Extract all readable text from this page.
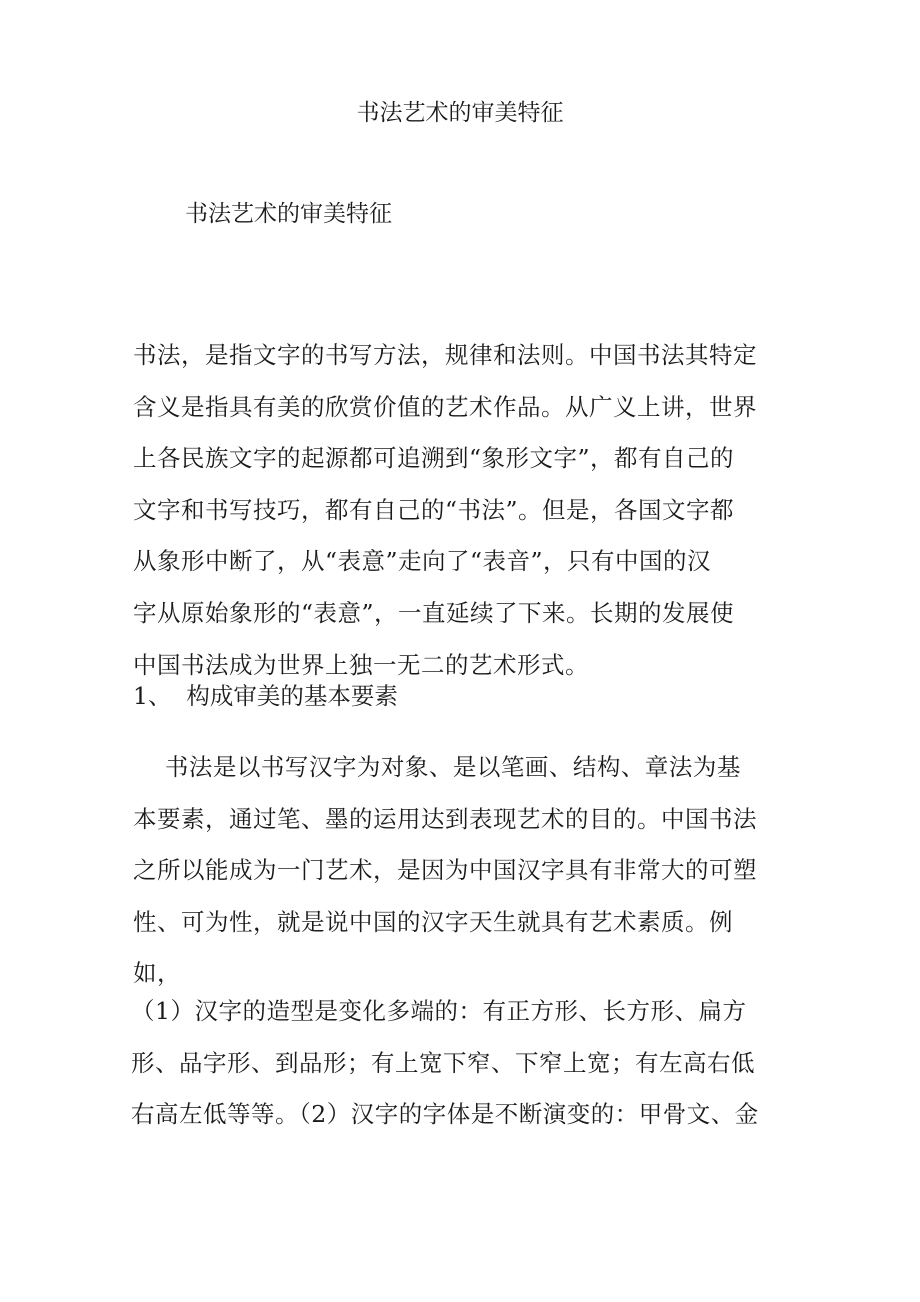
书法艺术的审美特征

书法艺术的审美特征

书法，是指文字的书写方法，规律和法则。中国书法其特定
含义是指具有美的欣赏价值的艺术作品。从广义上讲，世界
上各民族文字的起源都可追溯到“象形文字”，都有自己的
文字和书写技巧，都有自己的“书法”。但是，各国文字都
从象形中断了，从“表意”走向了“表音”，只有中国的汉
字从原始象形的“表意”，一直延续了下来。长期的发展使
中国书法成为世界上独一无二的艺术形式。

1、  构成审美的基本要素

书法是以书写汉字为对象、是以笔画、结构、章法为基
本要素，通过笔、墨的运用达到表现艺术的目的。中国书法
之所以能成为一门艺术，是因为中国汉字具有非常大的可塑
性、可为性，就是说中国的汉字天生就具有艺术素质。例
如，

（1）汉字的造型是变化多端的：有正方形、长方形、扁方
形、品字形、到品形；有上宽下窄、下窄上宽；有左高右低
右高左低等等。（2）汉字的字体是不断演变的：甲骨文、金
